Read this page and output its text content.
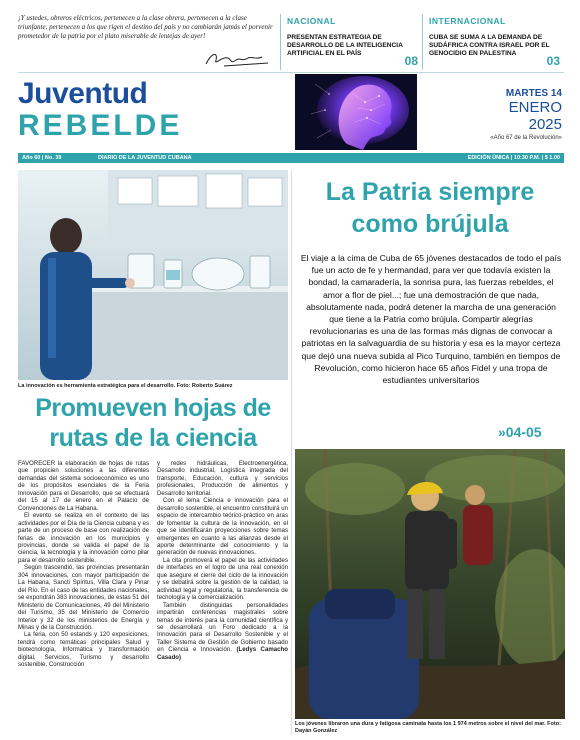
¡Y ustedes, obreros eléctricos, pertenecen a la clase obrera, pertenecen a la clase triunfante, pertenecen a los que rigen el destino del país y no cambiarán jamás el porvenir prometedor de la patria por el plato miserable de lentejas de ayer!
NACIONAL
PRESENTAN ESTRATEGIA DE DESARROLLO DE LA INTELIGENCIA ARTIFICIAL EN EL PAÍS
08
INTERNACIONAL
CUBA SE SUMA A LA DEMANDA DE SUDÁFRICA CONTRA ISRAEL POR EL GENOCIDIO EN PALESTINA
03
Juventud
REBELDE
MARTES 14
ENERO
2025
«Año 67 de la Revolución»
Año 60 | No. 39	DIARIO DE LA JUVENTUD CUBANA	EDICIÓN ÚNICA | 10:30 P.M. | $ 1.00
La innovación es herramienta estratégica para el desarrollo. Foto: Roberto Suárez
Promueven hojas de rutas de la ciencia

FAVORECER la elaboración de hojas de rutas que propicien soluciones a las diferentes demandas del sistema socioeconómico es uno de los propósitos esenciales de la Feria Innovación para el Desarrollo, que se efectuará del 15 al 17 de enero en el Palacio de Convenciones de La Habana.

El evento se realiza en el contexto de las actividades por el Día de la Ciencia cubana y es parte de un proceso de base con realización de ferias de innovación en los municipios y provincias, donde se valida el papel de la ciencia, la tecnología y la innovación como pilar para el desarrollo sostenible.

Según trascendió, las provincias presentarán 304 innovaciones, con mayor participación de La Habana, Sancti Spíritus, Villa Clara y Pinar del Río. En el caso de las entidades nacionales, se expondrán 383 innovaciones, de estas 51 del Ministerio de Comunicaciones, 49 del Ministerio del Turismo, 35 del Ministerio de Comercio Interior y 32 de los ministerios de Energía y Minas y de la Construcción.

La feria, con 50 estands y 120 exposiciones, tendrá como temáticas principales Salud y biotecnología, Informática y transformación digital, Servicios, Turismo y desarrollo sostenible, Construcción

y redes hidráulicas, Electroenergética, Desarrollo industrial, Logística integrada del transporte, Educación, cultura y servicios profesionales, Producción de alimentos y Desarrollo territorial.

Con el lema Ciencia e innovación para el desarrollo sostenible, el encuentro constituirá un espacio de intercambio teórico-práctico en aras de fomentar la cultura de la innovación, en el que se identificarán proyecciones sobre temas emergentes en cuanto a las alianzas desde el aporte determinante del conocimiento y la generación de nuevas innovaciones.

La cita promoverá el papel de las actividades de interfaces en el logro de una real conexión que asegure el cierre del ciclo de la innovación y se debatirá sobre la gestión de la calidad, la actividad legal y regulatoria, la transferencia de tecnología y la comercialización.

También distinguidas personalidades impartirán conferencias magistrales sobre temas de interés para la comunidad científica y se desarrollará un Foro dedicado a la Innovación para el Desarrollo Sostenible y el Taller Sistema de Gestión de Gobierno basado en Ciencia e Innovación. (Ledys Camacho Casado)

La Patria siempre como brújula
El viaje a la cima de Cuba de 65 jóvenes destacados de todo el país fue un acto de fe y hermandad, para ver que todavía existen la bondad, la camaradería, la sonrisa pura, las fuerzas rebeldes, el amor a flor de piel...; fue una demostración de que nada, absolutamente nada, podrá detener la marcha de una generación que tiene a la Patria como brújula. Compartir alegrías revolucionarias es una de las formas más dignas de convocar a patriotas en la salvaguardia de su historia y esa es la mayor certeza que dejó una nueva subida al Pico Turquino, también en tiempos de Revolución, como hicieron hace 65 años Fidel y una tropa de estudiantes universitarios
»04-05
Los jóvenes libraron una dura y fatigosa caminata hasta los 1 974 metros sobre el nivel del mar. Foto: Dayán González
